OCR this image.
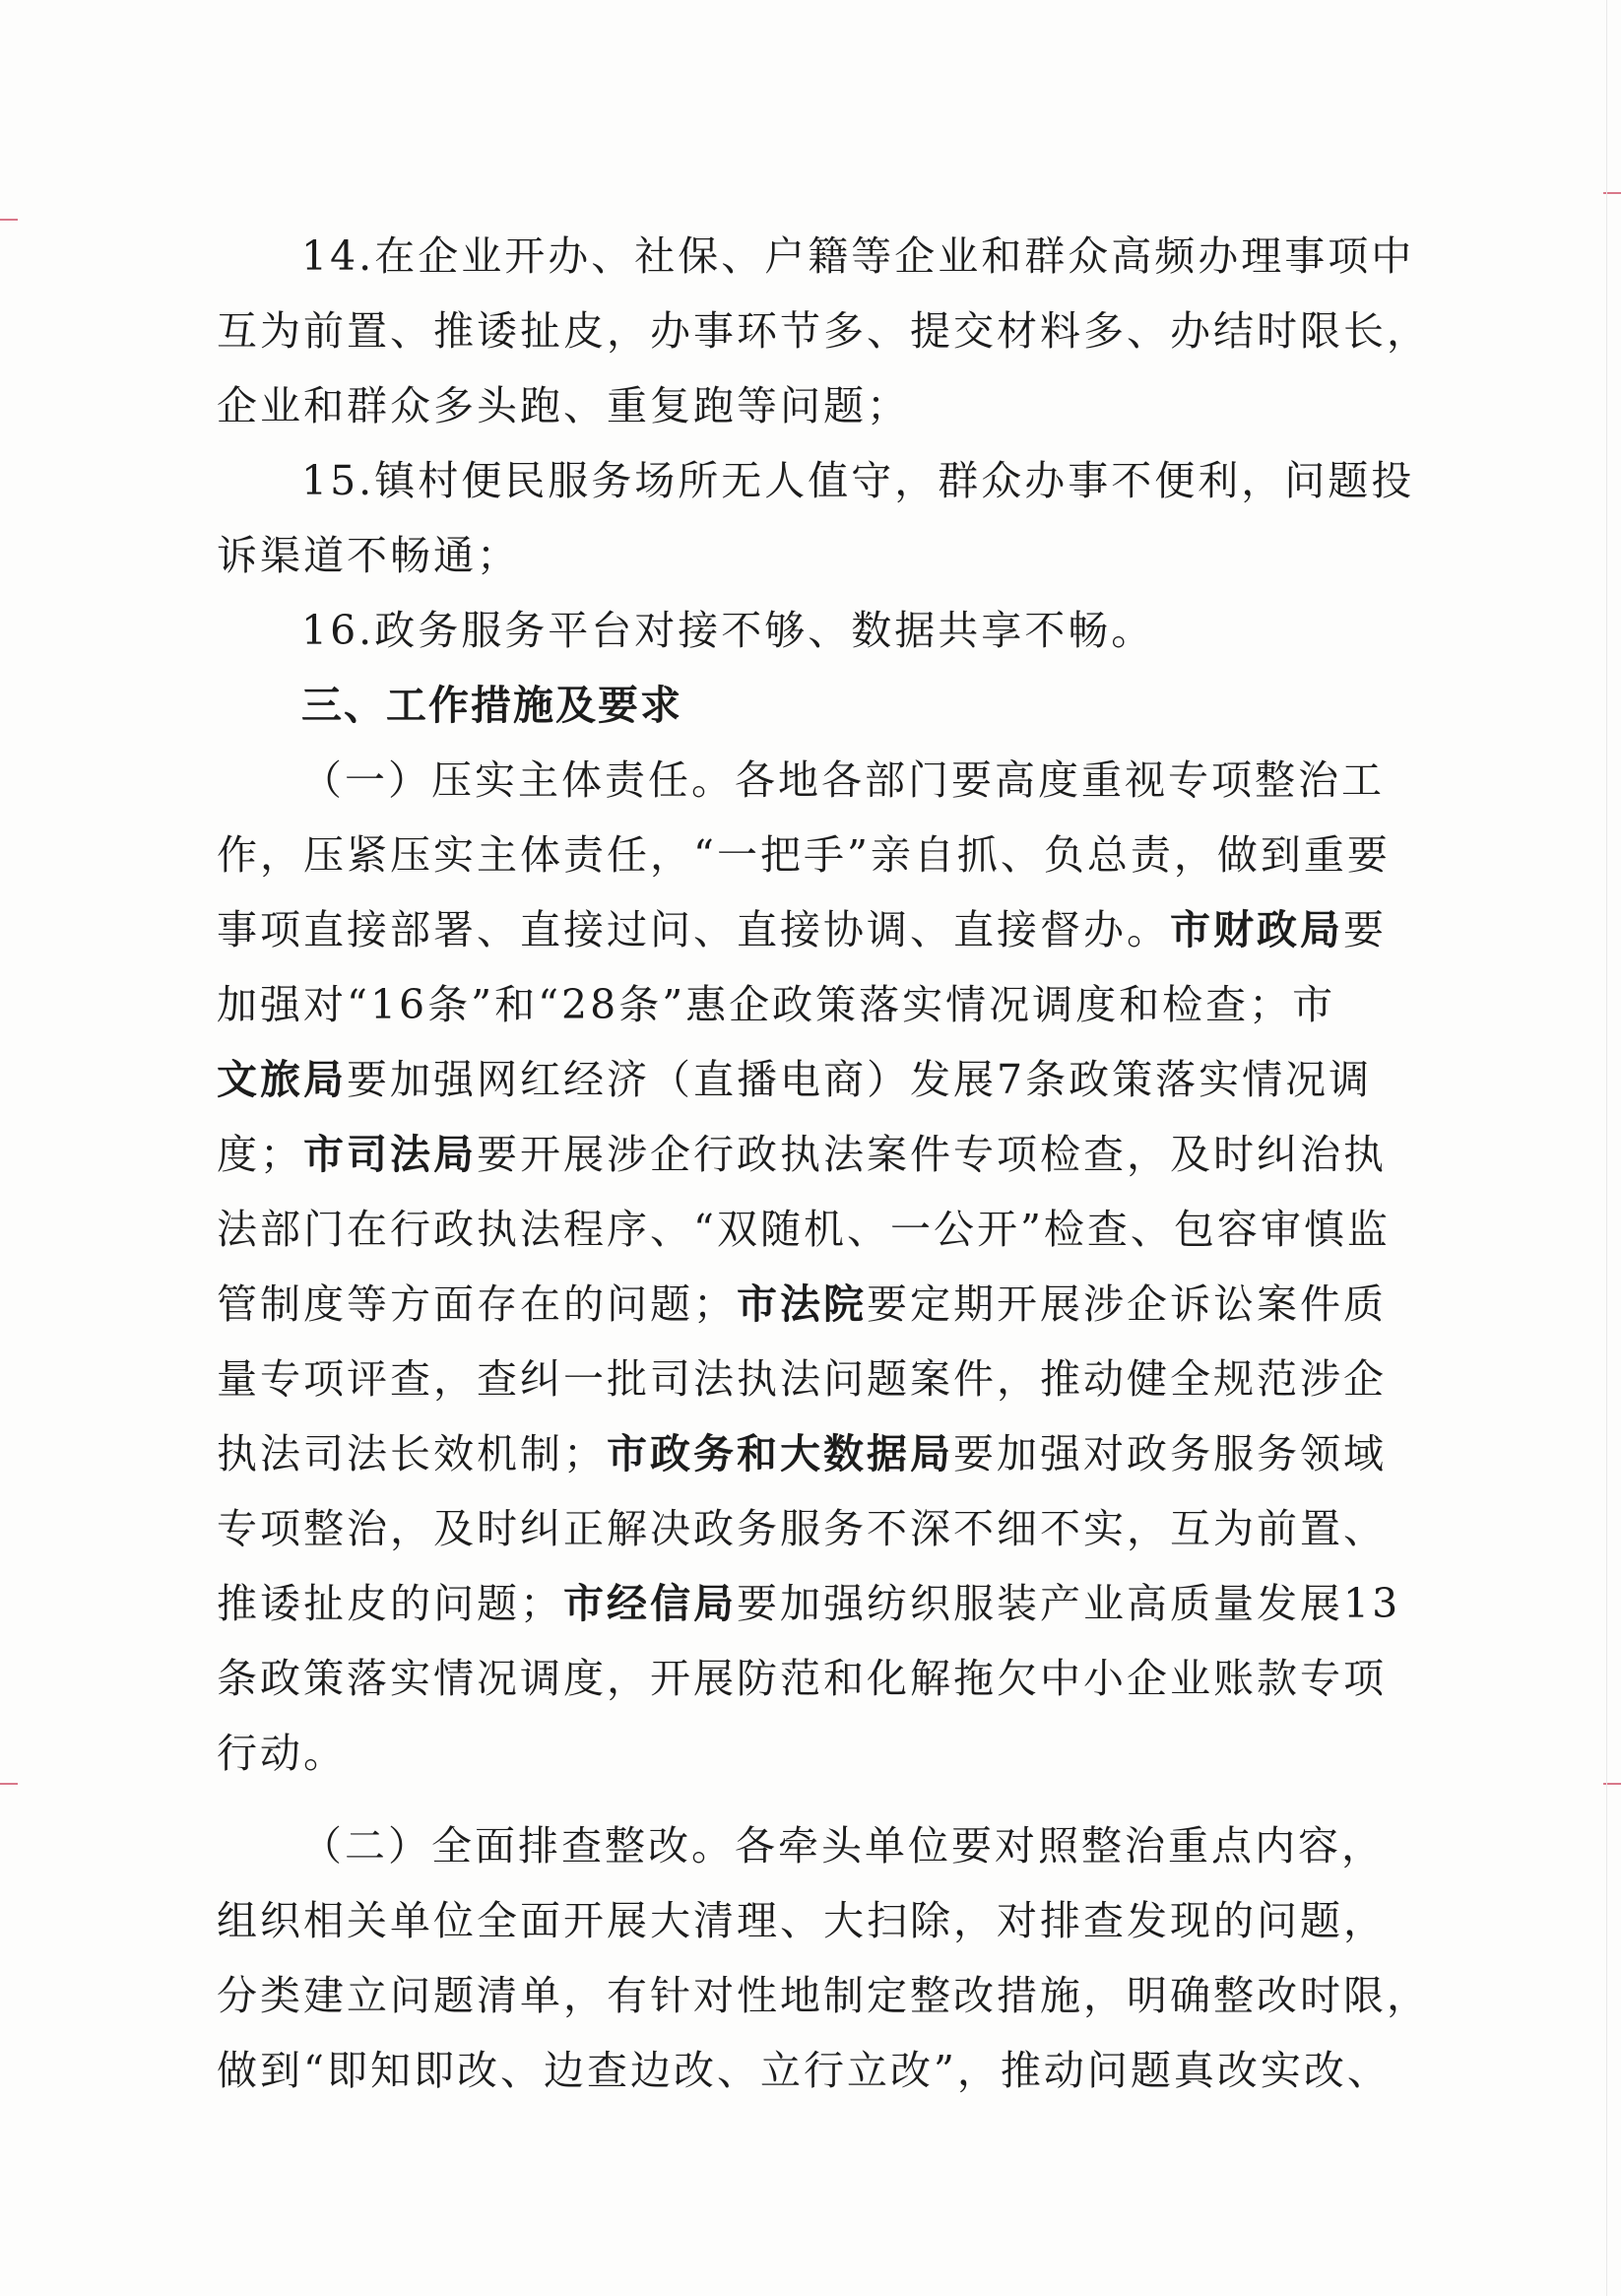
14.在企业开办、社保、户籍等企业和群众高频办理事项中
互为前置、推诿扯皮，办事环节多、提交材料多、办结时限长，
企业和群众多头跑、重复跑等问题；
15.镇村便民服务场所无人值守，群众办事不便利，问题投
诉渠道不畅通；
16.政务服务平台对接不够、数据共享不畅。
三、工作措施及要求
（一）压实主体责任。各地各部门要高度重视专项整治工
作，压紧压实主体责任，“一把手”亲自抓、负总责，做到重要
事项直接部署、直接过问、直接协调、直接督办。市财政局要
加强对“16条”和“28条”惠企政策落实情况调度和检查；市
文旅局要加强网红经济（直播电商）发展7条政策落实情况调
度；市司法局要开展涉企行政执法案件专项检查，及时纠治执
法部门在行政执法程序、“双随机、一公开”检查、包容审慎监
管制度等方面存在的问题；市法院要定期开展涉企诉讼案件质
量专项评查，查纠一批司法执法问题案件，推动健全规范涉企
执法司法长效机制；市政务和大数据局要加强对政务服务领域
专项整治，及时纠正解决政务服务不深不细不实，互为前置、
推诿扯皮的问题；市经信局要加强纺织服装产业高质量发展13
条政策落实情况调度，开展防范和化解拖欠中小企业账款专项
行动。
（二）全面排查整改。各牵头单位要对照整治重点内容，
组织相关单位全面开展大清理、大扫除，对排查发现的问题，
分类建立问题清单，有针对性地制定整改措施，明确整改时限，
做到“即知即改、边查边改、立行立改”，推动问题真改实改、
